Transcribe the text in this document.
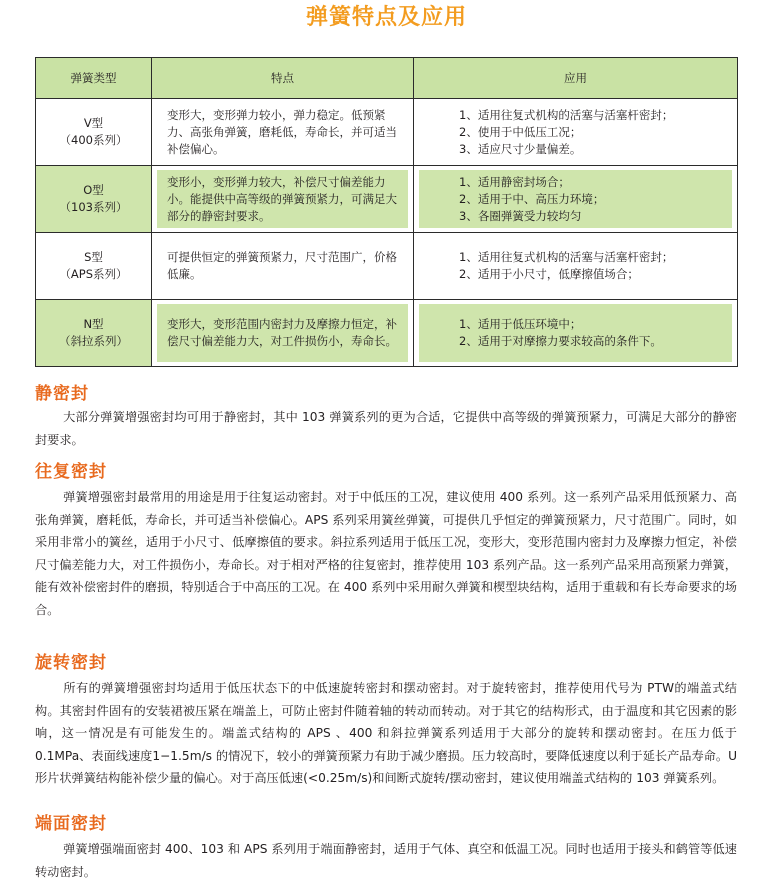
弹簧特点及应用
弹簧类型	特点	应用

V型
（400系列）	变形大，变形弹力较小，弹力稳定。低预紧力、高张角弹簧，磨耗低，寿命长，并可适当补偿偏心。	1、适用往复式机构的活塞与活塞杆密封；
2、使用于中低压工况；
3、适应尺寸少量偏差。

O型
（103系列）	变形小，变形弹力较大，补偿尺寸偏差能力小。能提供中高等级的弹簧预紧力，可满足大部分的静密封要求。	1、适用静密封场合；
2、适用于中、高压力环境；
3、各圈弹簧受力较均匀

S型
（APS系列）	可提供恒定的弹簧预紧力，尺寸范围广，价格低廉。	1、适用往复式机构的活塞与活塞杆密封；
2、适用于小尺寸，低摩擦值场合；

N型
（斜拉系列）	变形大，变形范围内密封力及摩擦力恒定，补偿尺寸偏差能力大，对工件损伤小，寿命长。	1、适用于低压环境中；
2、适用于对摩擦力要求较高的条件下。
静密封

大部分弹簧增强密封均可用于静密封，其中 103 弹簧系列的更为合适，它提供中高等级的弹簧预紧力，可满足大部分的静密封要求。

往复密封

弹簧增强密封最常用的用途是用于往复运动密封。对于中低压的工况，建议使用 400 系列。这一系列产品采用低预紧力、高张角弹簧，磨耗低，寿命长，并可适当补偿偏心。APS 系列采用簧丝弹簧，可提供几乎恒定的弹簧预紧力，尺寸范围广。同时，如采用非常小的簧丝，适用于小尺寸、低摩擦值的要求。斜拉系列适用于低压工况，变形大，变形范围内密封力及摩擦力恒定，补偿尺寸偏差能力大，对工件损伤小，寿命长。对于相对严格的往复密封，推荐使用 103 系列产品。这一系列产品采用高预紧力弹簧，能有效补偿密封件的磨损，特别适合于中高压的工况。在 400 系列中采用耐久弹簧和楔型块结构，适用于重载和有长寿命要求的场合。

旋转密封

所有的弹簧增强密封均适用于低压状态下的中低速旋转密封和摆动密封。对于旋转密封，推荐使用代号为 PTW的端盖式结构。其密封件固有的安装裙被压紧在端盖上，可防止密封件随着轴的转动而转动。对于其它的结构形式，由于温度和其它因素的影响，这一情况是有可能发生的。端盖式结构的 APS 、400 和斜拉弹簧系列适用于大部分的旋转和摆动密封。在压力低于 0.1MPa、表面线速度1−1.5m/s 的情况下，较小的弹簧预紧力有助于减少磨损。压力较高时，要降低速度以利于延长产品寿命。U 形片状弹簧结构能补偿少量的偏心。对于高压低速(<0.25m/s)和间断式旋转/摆动密封，建议使用端盖式结构的 103 弹簧系列。

端面密封

弹簧增强端面密封 400、103 和 APS 系列用于端面静密封，适用于气体、真空和低温工况。同时也适用于接头和鹤管等低速转动密封。
